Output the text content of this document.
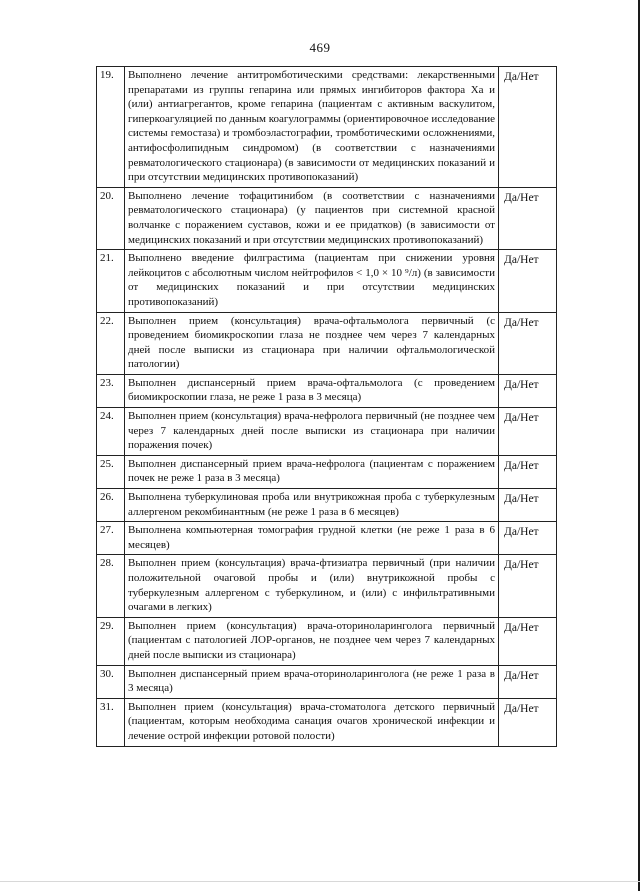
469
19.	Выполнено лечение антитромботическими средствами: лекарственными препаратами из группы гепарина или прямых ингибиторов фактора Ха и (или) антиагрегантов, кроме гепарина (пациентам с активным васкулитом, гиперкоагуляцией по данным коагулограммы (ориентировочное исследование системы гемостаза) и тромбоэластографии, тромботическими осложнениями, антифосфолипидным синдромом) (в соответствии с назначениями ревматологического стационара) (в зависимости от медицинских показаний и при отсутствии медицинских противопоказаний)	Да/Нет

20.	Выполнено лечение тофацитинибом (в соответствии с назначениями ревматологического стационара) (у пациентов при системной красной волчанке с поражением суставов, кожи и ее придатков) (в зависимости от медицинских показаний и при отсутствии медицинских противопоказаний)	Да/Нет

21.	Выполнено введение филграстима (пациентам при снижении уровня лейкоцитов с абсолютным числом нейтрофилов < 1,0 × 10 ⁹/л) (в зависимости от медицинских показаний и при отсутствии медицинских противопоказаний)	Да/Нет

22.	Выполнен прием (консультация) врача-офтальмолога первичный (с проведением биомикроскопии глаза не позднее чем через 7 календарных дней после выписки из стационара при наличии офтальмологической патологии)	Да/Нет

23.	Выполнен диспансерный прием врача-офтальмолога (с проведением биомикроскопии глаза, не реже 1 раза в 3 месяца)	Да/Нет

24.	Выполнен прием (консультация) врача-нефролога первичный (не позднее чем через 7 календарных дней после выписки из стационара при наличии поражения почек)	Да/Нет

25.	Выполнен диспансерный прием врача-нефролога (пациентам с поражением почек не реже 1 раза в 3 месяца)	Да/Нет

26.	Выполнена туберкулиновая проба или внутрикожная проба с туберкулезным аллергеном рекомбинантным (не реже 1 раза в 6 месяцев)	Да/Нет

27.	Выполнена компьютерная томография грудной клетки (не реже 1 раза в 6 месяцев)	Да/Нет

28.	Выполнен прием (консультация) врача-фтизиатра первичный (при наличии положительной очаговой пробы и (или) внутрикожной пробы с туберкулезным аллергеном с туберкулином, и (или) с инфильтративными очагами в легких)	Да/Нет

29.	Выполнен прием (консультация) врача-оториноларинголога первичный (пациентам с патологией ЛОР-органов, не позднее чем через 7 календарных дней после выписки из стационара)	Да/Нет

30.	Выполнен диспансерный прием врача-оториноларинголога (не реже 1 раза в 3 месяца)	Да/Нет

31.	Выполнен прием (консультация) врача-стоматолога детского первичный (пациентам, которым необходима санация очагов хронической инфекции и лечение острой инфекции ротовой полости)	Да/Нет
